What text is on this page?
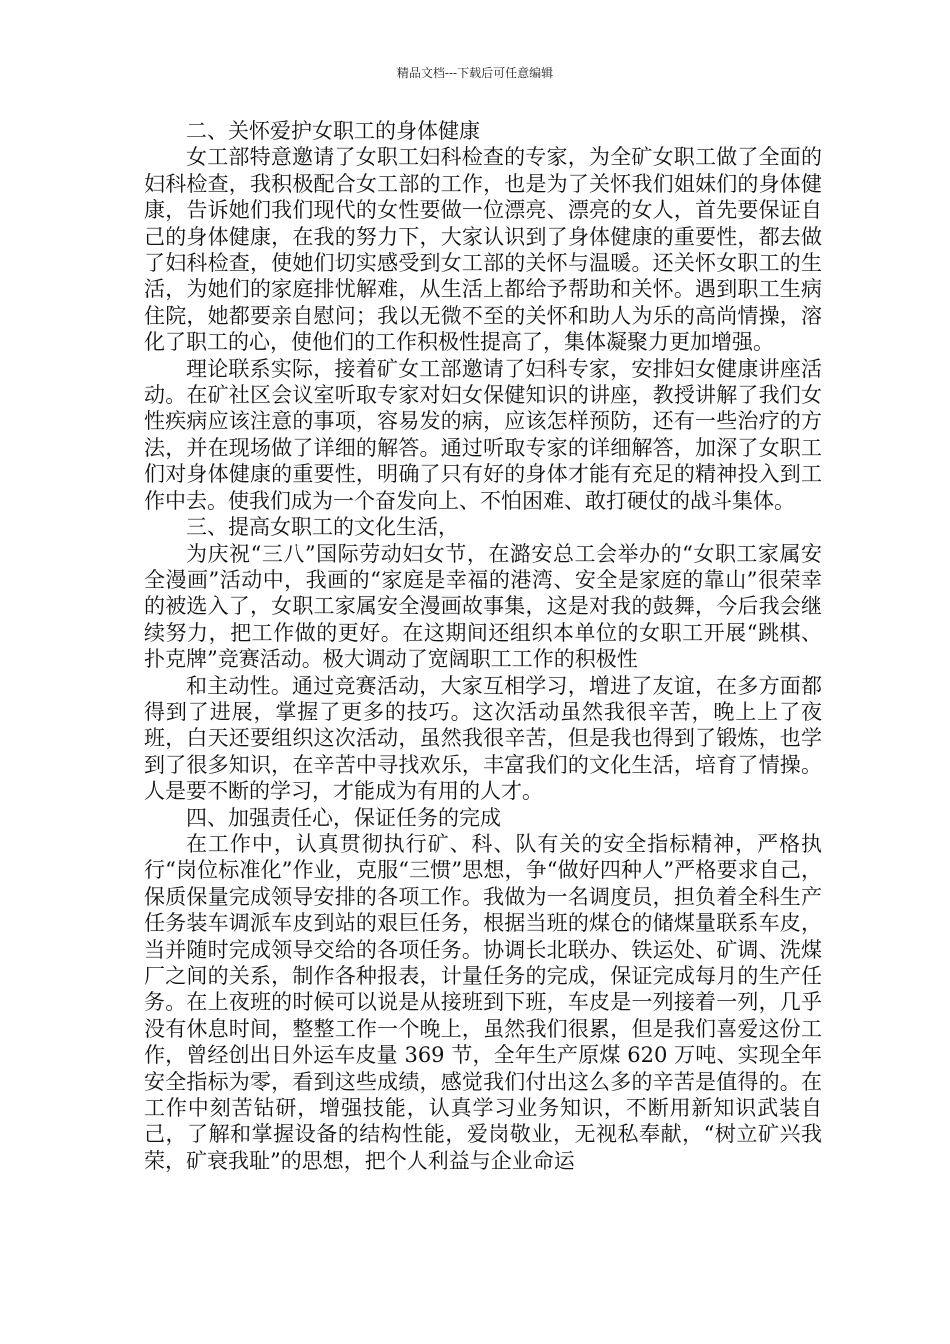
精品文档---下载后可任意编辑

二、关怀爱护女职工的身体健康

女工部特意邀请了女职工妇科检查的专家，为全矿女职工做了全面的妇科检查，我积极配合女工部的工作，也是为了关怀我们姐妹们的身体健康，告诉她们我们现代的女性要做一位漂亮、漂亮的女人，首先要保证自己的身体健康，在我的努力下，大家认识到了身体健康的重要性，都去做了妇科检查，使她们切实感受到女工部的关怀与温暖。还关怀女职工的生活，为她们的家庭排忧解难，从生活上都给予帮助和关怀。遇到职工生病住院，她都要亲自慰问；我以无微不至的关怀和助人为乐的高尚情操，溶化了职工的心，使他们的工作积极性提高了，集体凝聚力更加增强。

理论联系实际，接着矿女工部邀请了妇科专家，安排妇女健康讲座活动。在矿社区会议室听取专家对妇女保健知识的讲座，教授讲解了我们女性疾病应该注意的事项，容易发的病，应该怎样预防，还有一些治疗的方法，并在现场做了详细的解答。通过听取专家的详细解答，加深了女职工们对身体健康的重要性，明确了只有好的身体才能有充足的精神投入到工作中去。使我们成为一个奋发向上、不怕困难、敢打硬仗的战斗集体。

三、提高女职工的文化生活，

为庆祝“三八”国际劳动妇女节，在潞安总工会举办的“女职工家属安全漫画”活动中，我画的“家庭是幸福的港湾、安全是家庭的靠山”很荣幸的被选入了，女职工家属安全漫画故事集，这是对我的鼓舞，今后我会继续努力，把工作做的更好。在这期间还组织本单位的女职工开展“跳棋、扑克牌”竞赛活动。极大调动了宽阔职工工作的积极性

和主动性。通过竞赛活动，大家互相学习，增进了友谊，在多方面都得到了进展，掌握了更多的技巧。这次活动虽然我很辛苦，晚上上了夜班，白天还要组织这次活动，虽然我很辛苦，但是我也得到了锻炼，也学到了很多知识，在辛苦中寻找欢乐，丰富我们的文化生活，培育了情操。人是要不断的学习，才能成为有用的人才。

四、加强责任心，保证任务的完成

在工作中，认真贯彻执行矿、科、队有关的安全指标精神，严格执行“岗位标准化”作业，克服“三惯”思想，争“做好四种人”严格要求自己，保质保量完成领导安排的各项工作。我做为一名调度员，担负着全科生产任务装车调派车皮到站的艰巨任务，根据当班的煤仓的储煤量联系车皮，当并随时完成领导交给的各项任务。协调长北联办、铁运处、矿调、洗煤厂之间的关系，制作各种报表，计量任务的完成，保证完成每月的生产任务。在上夜班的时候可以说是从接班到下班，车皮是一列接着一列，几乎没有休息时间，整整工作一个晚上，虽然我们很累，但是我们喜爱这份工作，曾经创出日外运车皮量 369 节，全年生产原煤 620 万吨、实现全年安全指标为零，看到这些成绩，感觉我们付出这么多的辛苦是值得的。在工作中刻苦钻研，增强技能，认真学习业务知识，不断用新知识武装自己，了解和掌握设备的结构性能，爱岗敬业，无视私奉献，“树立矿兴我荣，矿衰我耻”的思想，把个人利益与企业命运
